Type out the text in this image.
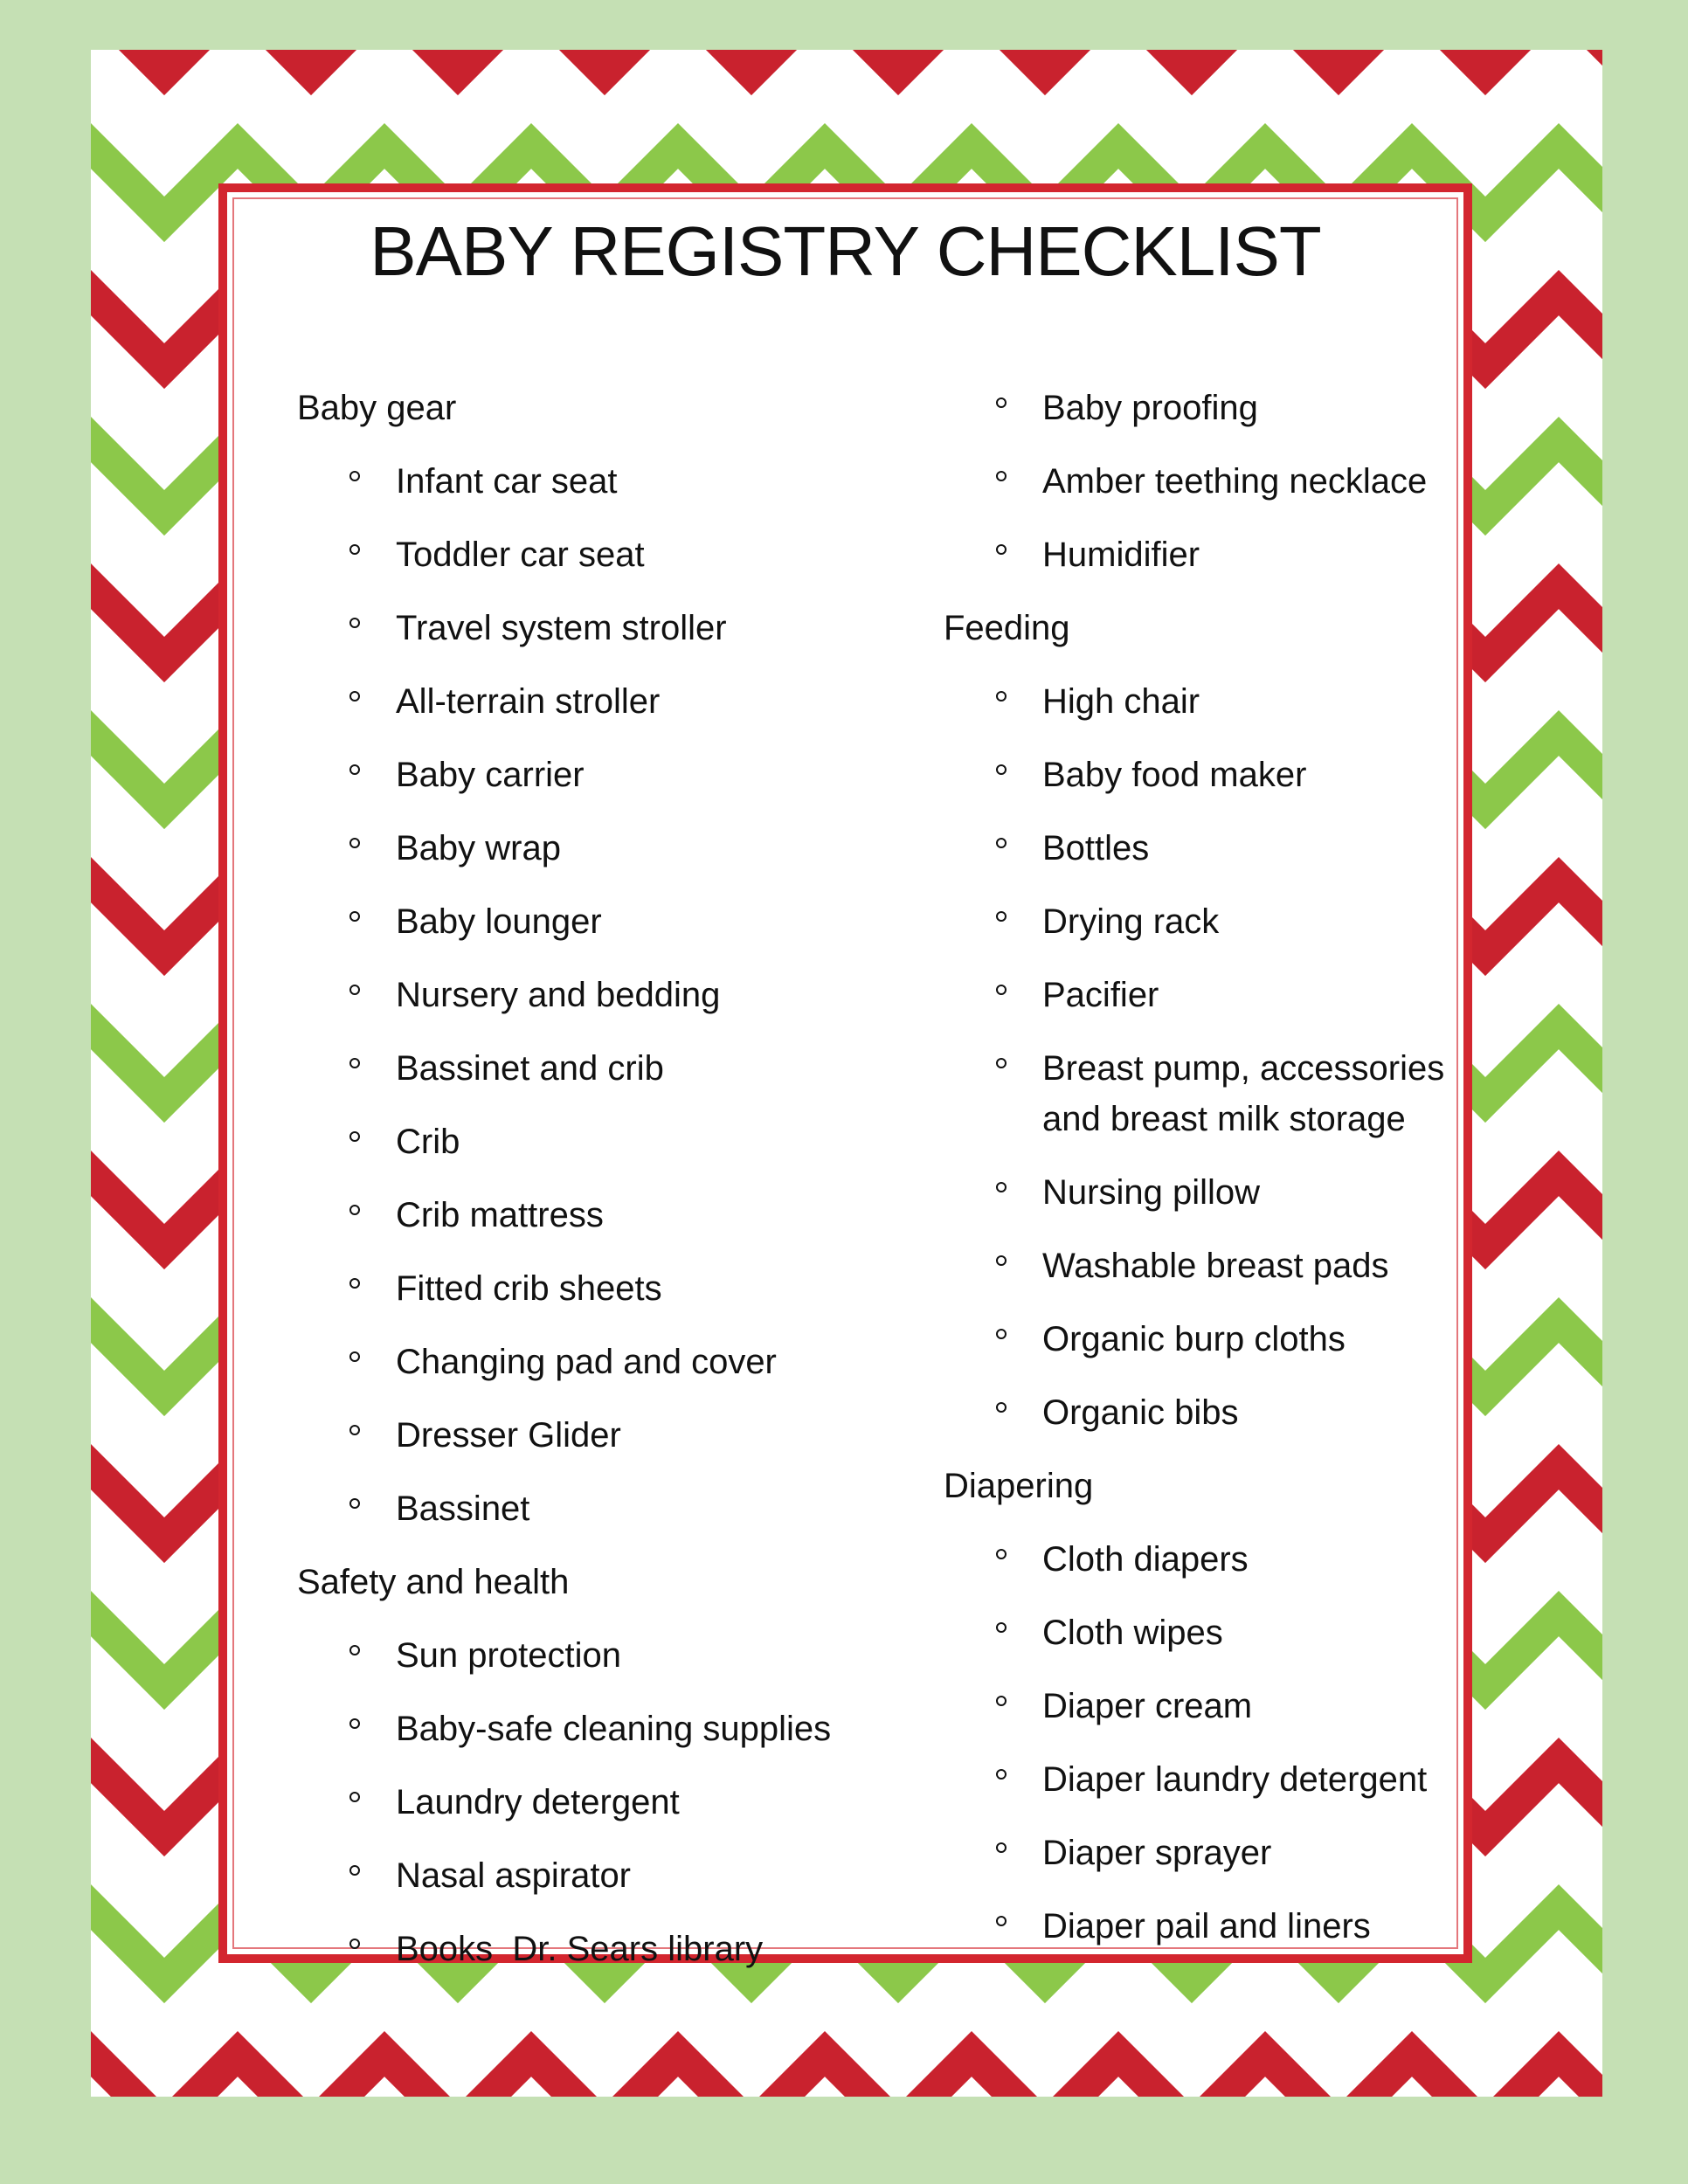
BABY REGISTRY CHECKLIST
Baby gear
Infant car seat
Toddler car seat
Travel system stroller
All-terrain stroller
Baby carrier
Baby wrap
Baby lounger
Nursery and bedding
Bassinet and crib
Crib
Crib mattress
Fitted crib sheets
Changing pad and cover
Dresser Glider
Bassinet
Safety and health
Sun protection
Baby-safe cleaning supplies
Laundry detergent
Nasal aspirator
Books  Dr. Sears library
Baby proofing
Amber teething necklace
Humidifier
Feeding
High chair
Baby food maker
Bottles
Drying rack
Pacifier
Breast pump, accessories and breast milk storage
Nursing pillow
Washable breast pads
Organic burp cloths
Organic bibs
Diapering
Cloth diapers
Cloth wipes
Diaper cream
Diaper laundry detergent
Diaper sprayer
Diaper pail and liners
